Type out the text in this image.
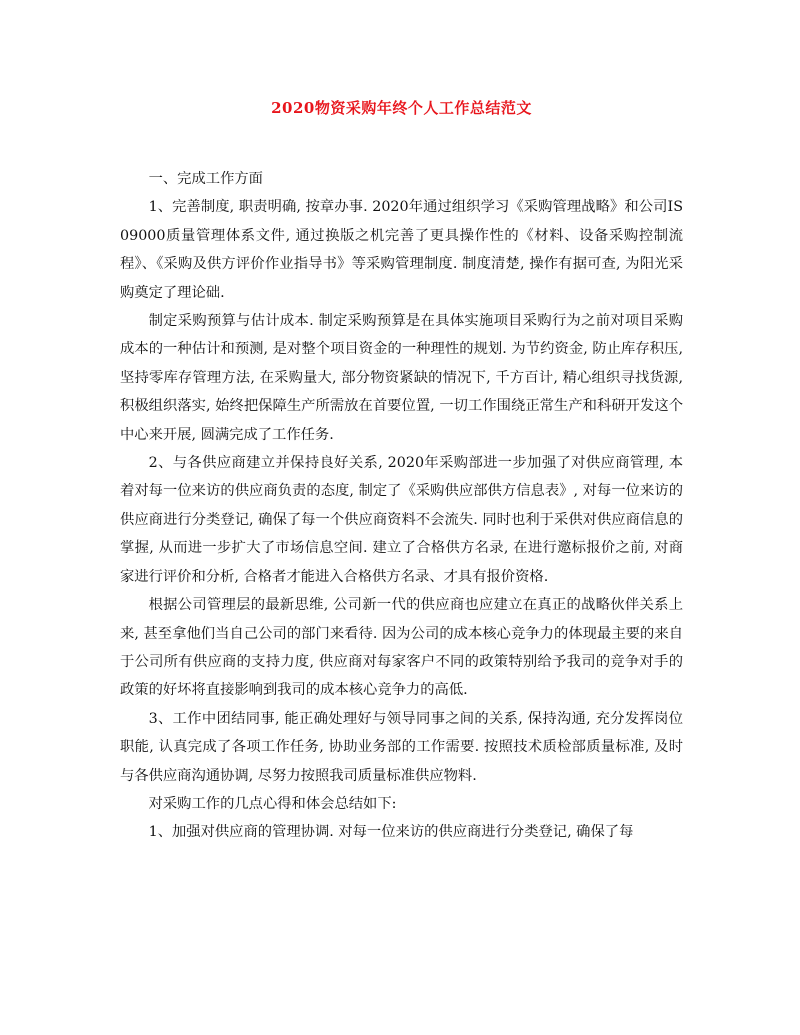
2020物资采购年终个人工作总结范文

一、完成工作方面

1、完善制度, 职责明确, 按章办事. 2020年通过组织学习《采购管理战略》和公司IS09000质量管理体系文件, 通过换版之机完善了更具操作性的《材料、设备采购控制流程》、《采购及供方评价作业指导书》等采购管理制度. 制度清楚, 操作有据可查, 为阳光采购奠定了理论础.

制定采购预算与估计成本. 制定采购预算是在具体实施项目采购行为之前对项目采购成本的一种估计和预测, 是对整个项目资金的一种理性的规划. 为节约资金, 防止库存积压, 坚持零库存管理方法, 在采购量大, 部分物资紧缺的情况下, 千方百计, 精心组织寻找货源, 积极组织落实, 始终把保障生产所需放在首要位置, 一切工作围绕正常生产和科研开发这个中心来开展, 圆满完成了工作任务.

2、与各供应商建立并保持良好关系, 2020年采购部进一步加强了对供应商管理, 本着对每一位来访的供应商负责的态度, 制定了《采购供应部供方信息表》, 对每一位来访的供应商进行分类登记, 确保了每一个供应商资料不会流失. 同时也利于采供对供应商信息的掌握, 从而进一步扩大了市场信息空间. 建立了合格供方名录, 在进行邀标报价之前, 对商家进行评价和分析, 合格者才能进入合格供方名录、才具有报价资格.

根据公司管理层的最新思维, 公司新一代的供应商也应建立在真正的战略伙伴关系上来, 甚至拿他们当自己公司的部门来看待. 因为公司的成本核心竞争力的体现最主要的来自于公司所有供应商的支持力度, 供应商对每家客户不同的政策特别给予我司的竞争对手的政策的好坏将直接影响到我司的成本核心竞争力的高低.

3、工作中团结同事, 能正确处理好与领导同事之间的关系, 保持沟通, 充分发挥岗位职能, 认真完成了各项工作任务, 协助业务部的工作需要. 按照技术质检部质量标准, 及时与各供应商沟通协调, 尽努力按照我司质量标准供应物料.

对采购工作的几点心得和体会总结如下:

1、加强对供应商的管理协调. 对每一位来访的供应商进行分类登记, 确保了每
